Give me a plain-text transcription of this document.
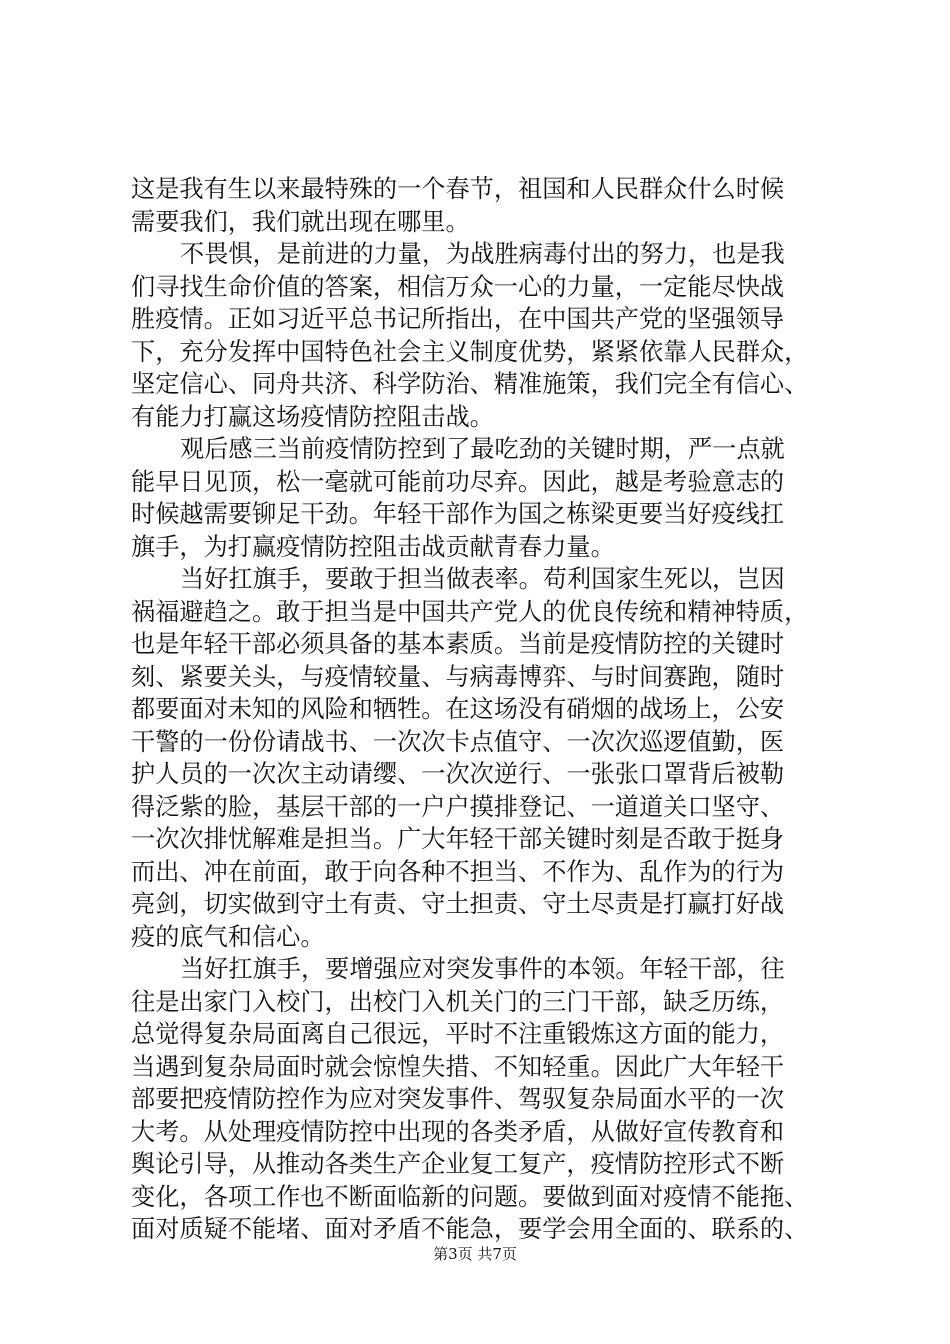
这是我有生以来最特殊的一个春节，祖国和人民群众什么时候
需要我们，我们就出现在哪里。
不畏惧，是前进的力量，为战胜病毒付出的努力，也是我
们寻找生命价值的答案，相信万众一心的力量，一定能尽快战
胜疫情。正如习近平总书记所指出，在中国共产党的坚强领导
下，充分发挥中国特色社会主义制度优势，紧紧依靠人民群众，
坚定信心、同舟共济、科学防治、精准施策，我们完全有信心、
有能力打赢这场疫情防控阻击战。
观后感三当前疫情防控到了最吃劲的关键时期，严一点就
能早日见顶，松一毫就可能前功尽弃。因此，越是考验意志的
时候越需要铆足干劲。年轻干部作为国之栋梁更要当好疫线扛
旗手，为打赢疫情防控阻击战贡献青春力量。
当好扛旗手，要敢于担当做表率。苟利国家生死以，岂因
祸福避趋之。敢于担当是中国共产党人的优良传统和精神特质，
也是年轻干部必须具备的基本素质。当前是疫情防控的关键时
刻、紧要关头，与疫情较量、与病毒博弈、与时间赛跑，随时
都要面对未知的风险和牺牲。在这场没有硝烟的战场上，公安
干警的一份份请战书、一次次卡点值守、一次次巡逻值勤，医
护人员的一次次主动请缨、一次次逆行、一张张口罩背后被勒
得泛紫的脸，基层干部的一户户摸排登记、一道道关口坚守、
一次次排忧解难是担当。广大年轻干部关键时刻是否敢于挺身
而出、冲在前面，敢于向各种不担当、不作为、乱作为的行为
亮剑，切实做到守土有责、守土担责、守土尽责是打赢打好战
疫的底气和信心。
当好扛旗手，要增强应对突发事件的本领。年轻干部，往
往是出家门入校门，出校门入机关门的三门干部，缺乏历练，
总觉得复杂局面离自己很远，平时不注重锻炼这方面的能力，
当遇到复杂局面时就会惊惶失措、不知轻重。因此广大年轻干
部要把疫情防控作为应对突发事件、驾驭复杂局面水平的一次
大考。从处理疫情防控中出现的各类矛盾，从做好宣传教育和
舆论引导，从推动各类生产企业复工复产，疫情防控形式不断
变化，各项工作也不断面临新的问题。要做到面对疫情不能拖、
面对质疑不能堵、面对矛盾不能急，要学会用全面的、联系的、
第3页 共7页
